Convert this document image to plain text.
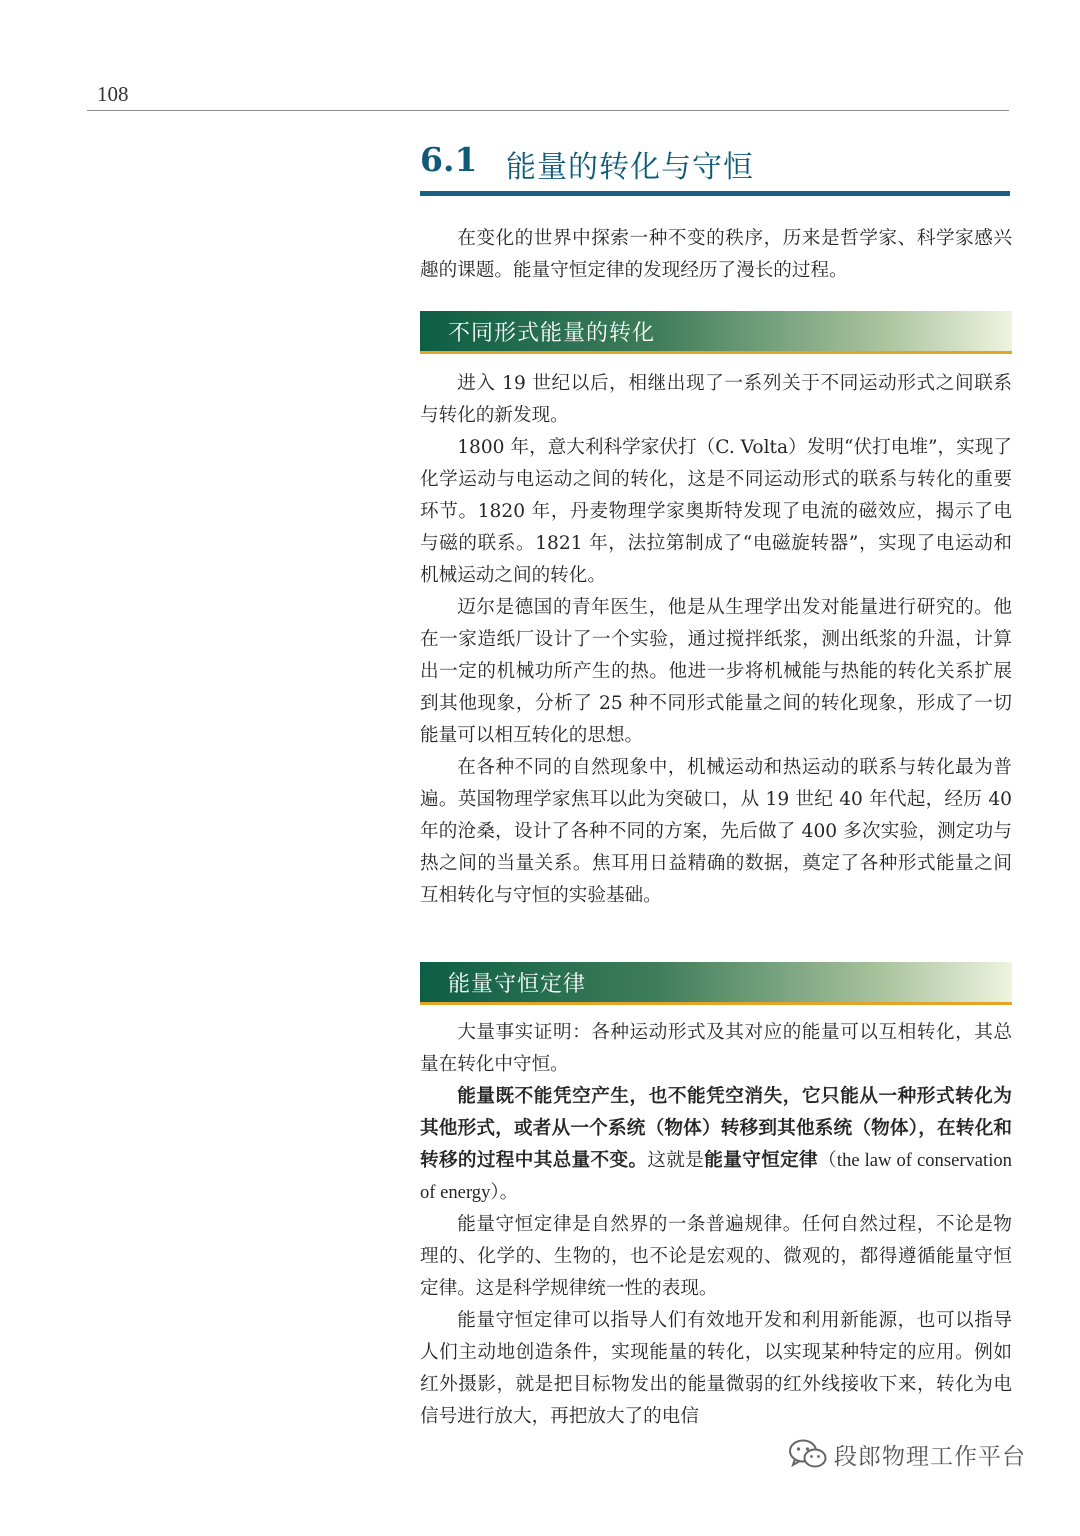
108
6.1 能量的转化与守恒

在变化的世界中探索一种不变的秩序，历来是哲学家、科学家感兴趣的课题。能量守恒定律的发现经历了漫长的过程。

不同形式能量的转化

进入 19 世纪以后，相继出现了一系列关于不同运动形式之间联系与转化的新发现。

1800 年，意大利科学家伏打（C. Volta）发明“伏打电堆”，实现了化学运动与电运动之间的转化，这是不同运动形式的联系与转化的重要环节。1820 年，丹麦物理学家奥斯特发现了电流的磁效应，揭示了电与磁的联系。1821 年，法拉第制成了“电磁旋转器”，实现了电运动和机械运动之间的转化。

迈尔是德国的青年医生，他是从生理学出发对能量进行研究的。他在一家造纸厂设计了一个实验，通过搅拌纸浆，测出纸浆的升温，计算出一定的机械功所产生的热。他进一步将机械能与热能的转化关系扩展到其他现象，分析了 25 种不同形式能量之间的转化现象，形成了一切能量可以相互转化的思想。

在各种不同的自然现象中，机械运动和热运动的联系与转化最为普遍。英国物理学家焦耳以此为突破口，从 19 世纪 40 年代起，经历 40 年的沧桑，设计了各种不同的方案，先后做了 400 多次实验，测定功与热之间的当量关系。焦耳用日益精确的数据，奠定了各种形式能量之间互相转化与守恒的实验基础。

能量守恒定律

大量事实证明：各种运动形式及其对应的能量可以互相转化，其总量在转化中守恒。

能量既不能凭空产生，也不能凭空消失，它只能从一种形式转化为其他形式，或者从一个系统（物体）转移到其他系统（物体），在转化和转移的过程中其总量不变。这就是能量守恒定律（the law of conservation of energy）。

能量守恒定律是自然界的一条普遍规律。任何自然过程，不论是物理的、化学的、生物的，也不论是宏观的、微观的，都得遵循能量守恒定律。这是科学规律统一性的表现。

能量守恒定律可以指导人们有效地开发和利用新能源，也可以指导人们主动地创造条件，实现能量的转化，以实现某种特定的应用。例如红外摄影，就是把目标物发出的能量微弱的红外线接收下来，转化为电信号进行放大，再把放大了的电信

段郎物理工作平台
